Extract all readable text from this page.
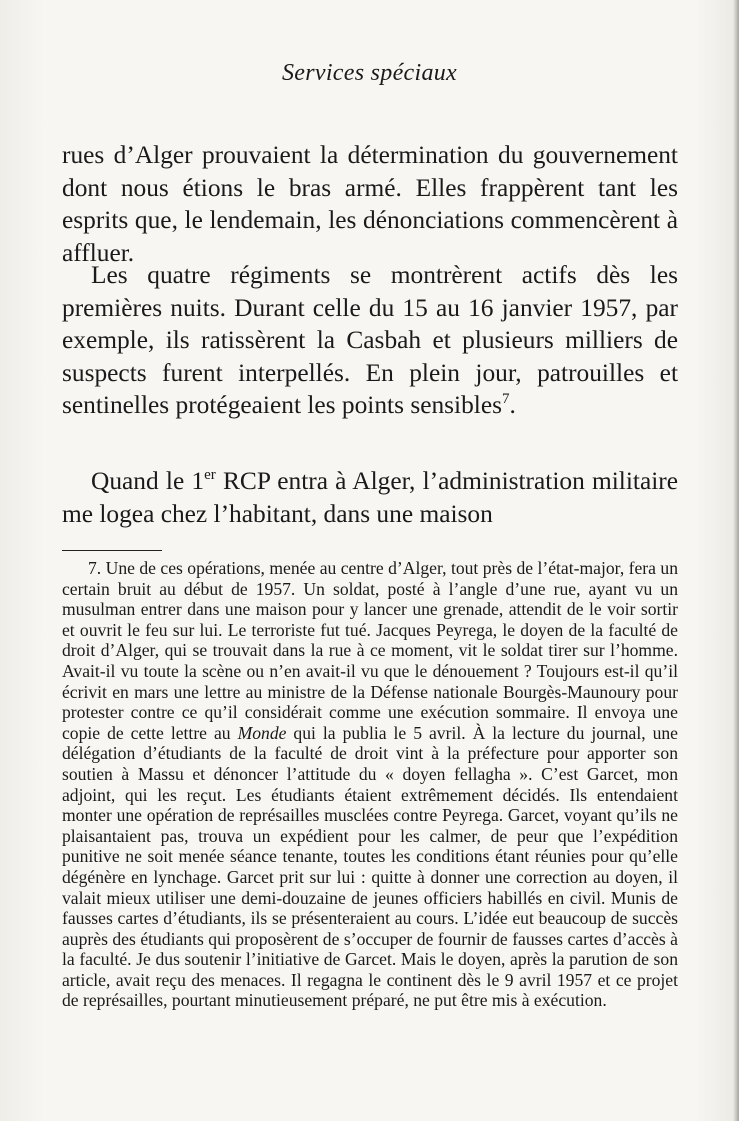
Services spéciaux

rues d’Alger prouvaient la détermination du gouvernement dont nous étions le bras armé. Elles frappèrent tant les esprits que, le lendemain, les dénonciations commencèrent à affluer.

Les quatre régiments se montrèrent actifs dès les premières nuits. Durant celle du 15 au 16 janvier 1957, par exemple, ils ratissèrent la Casbah et plusieurs milliers de suspects furent interpellés. En plein jour, patrouilles et sentinelles protégeaient les points sensibles$^7$.

Quand le 1er RCP entra à Alger, l’administration militaire me logea chez l’habitant, dans une maison

7. Une de ces opérations, menée au centre d’Alger, tout près de l’état-major, fera un certain bruit au début de 1957. Un soldat, posté à l’angle d’une rue, ayant vu un musulman entrer dans une maison pour y lancer une grenade, attendit de le voir sortir et ouvrit le feu sur lui. Le terroriste fut tué. Jacques Peyrega, le doyen de la faculté de droit d’Alger, qui se trouvait dans la rue à ce moment, vit le soldat tirer sur l’homme. Avait-il vu toute la scène ou n’en avait-il vu que le dénouement ? Toujours est-il qu’il écrivit en mars une lettre au ministre de la Défense nationale Bourgès-Maunoury pour protester contre ce qu’il considérait comme une exécution sommaire. Il envoya une copie de cette lettre au Monde qui la publia le 5 avril. À la lecture du journal, une délégation d’étudiants de la faculté de droit vint à la préfecture pour apporter son soutien à Massu et dénoncer l’attitude du « doyen fellagha ». C’est Garcet, mon adjoint, qui les reçut. Les étudiants étaient extrêmement décidés. Ils entendaient monter une opération de représailles musclées contre Peyrega. Garcet, voyant qu’ils ne plaisantaient pas, trouva un expédient pour les calmer, de peur que l’expédition punitive ne soit menée séance tenante, toutes les conditions étant réunies pour qu’elle dégénère en lynchage. Garcet prit sur lui : quitte à donner une correction au doyen, il valait mieux utiliser une demi-douzaine de jeunes officiers habillés en civil. Munis de fausses cartes d’étudiants, ils se présenteraient au cours. L’idée eut beaucoup de succès auprès des étudiants qui proposèrent de s’occuper de fournir de fausses cartes d’accès à la faculté. Je dus soutenir l’initiative de Garcet. Mais le doyen, après la parution de son article, avait reçu des menaces. Il regagna le continent dès le 9 avril 1957 et ce projet de représailles, pourtant minutieusement préparé, ne put être mis à exécution.
